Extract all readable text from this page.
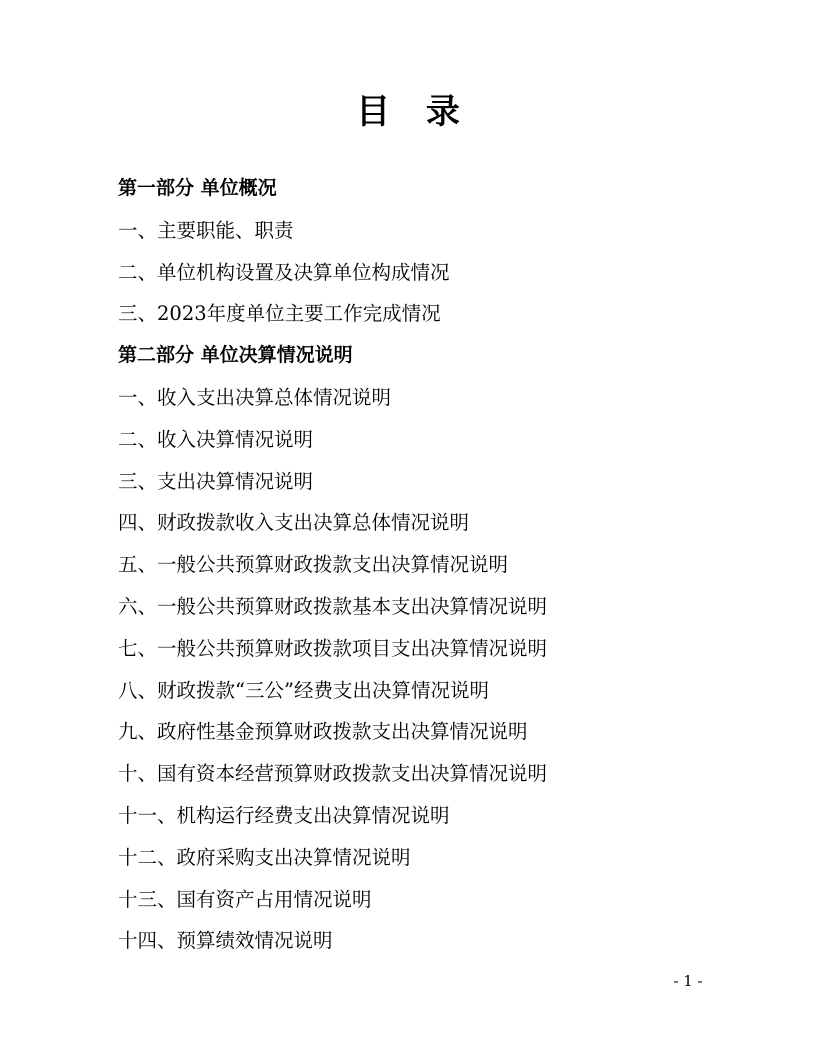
目 录
第一部分 单位概况
一、主要职能、职责
二、单位机构设置及决算单位构成情况
三、2023年度单位主要工作完成情况
第二部分 单位决算情况说明
一、收入支出决算总体情况说明
二、收入决算情况说明
三、支出决算情况说明
四、财政拨款收入支出决算总体情况说明
五、一般公共预算财政拨款支出决算情况说明
六、一般公共预算财政拨款基本支出决算情况说明
七、一般公共预算财政拨款项目支出决算情况说明
八、财政拨款“三公”经费支出决算情况说明
九、政府性基金预算财政拨款支出决算情况说明
十、国有资本经营预算财政拨款支出决算情况说明
十一、机构运行经费支出决算情况说明
十二、政府采购支出决算情况说明
十三、国有资产占用情况说明
十四、预算绩效情况说明
- 1 -
